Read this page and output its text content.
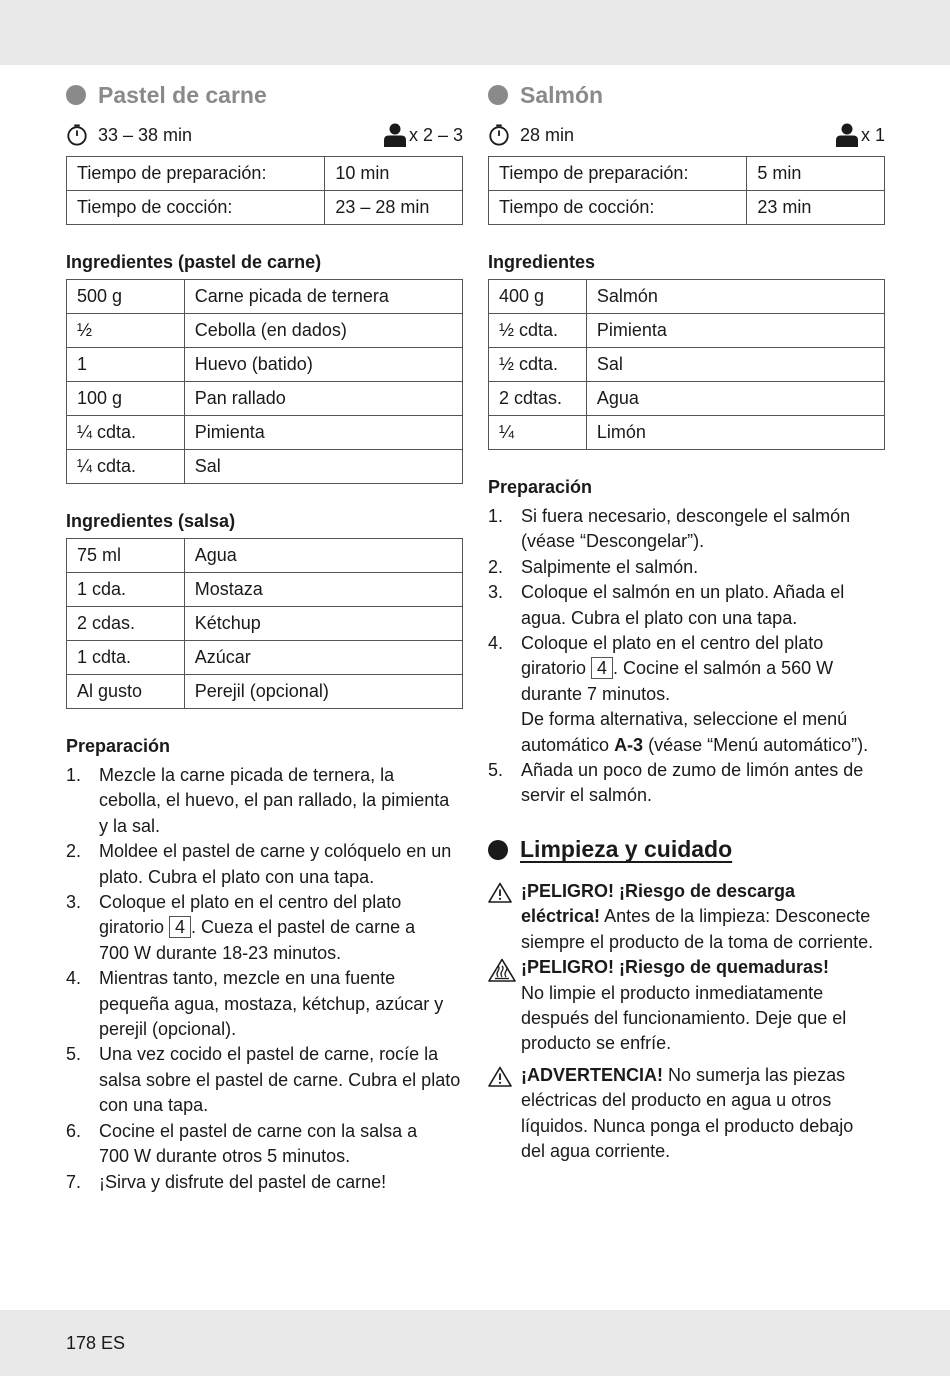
Pastel de carne
33 – 38 min	x 2 – 3
Tiempo de preparación:	10 min
Tiempo de cocción:	23 – 28 min
Ingredientes (pastel de carne)
500 g	Carne picada de ternera
½	Cebolla (en dados)
1	Huevo (batido)
100 g	Pan rallado
¼ cdta.	Pimienta
¼ cdta.	Sal
Ingredientes (salsa)
75 ml	Agua
1 cda.	Mostaza
2 cdas.	Kétchup
1 cdta.	Azúcar
Al gusto	Perejil (opcional)
Preparación
1. Mezcle la carne picada de ternera, la
cebolla, el huevo, el pan rallado, la pimienta
y la sal.
2. Moldee el pastel de carne y colóquelo en un
plato. Cubra el plato con una tapa.
3. Coloque el plato en el centro del plato
giratorio 4 . Cueza el pastel de carne a
700 W durante 18-23 minutos.
4. Mientras tanto, mezcle en una fuente
pequeña agua, mostaza, kétchup, azúcar y
perejil (opcional).
5. Una vez cocido el pastel de carne, rocíe la
salsa sobre el pastel de carne. Cubra el plato
con una tapa.
6. Cocine el pastel de carne con la salsa a
700 W durante otros 5 minutos.
7. ¡Sirva y disfrute del pastel de carne!
Salmón
28 min	x 1
Tiempo de preparación:	5 min
Tiempo de cocción:	23 min
Ingredientes
400 g	Salmón
½ cdta.	Pimienta
½ cdta.	Sal
2 cdtas.	Agua
¼	Limón
Preparación
1. Si fuera necesario, descongele el salmón
(véase “Descongelar”).
2. Salpimente el salmón.
3. Coloque el salmón en un plato. Añada el
agua. Cubra el plato con una tapa.
4. Coloque el plato en el centro del plato
giratorio 4 . Cocine el salmón a 560 W
durante 7 minutos.
De forma alternativa, seleccione el menú
automático A-3 (véase “Menú automático”).
5. Añada un poco de zumo de limón antes de
servir el salmón.
Limpieza y cuidado
¡PELIGRO! ¡Riesgo de descarga
eléctrica! Antes de la limpieza: Desconecte
siempre el producto de la toma de corriente.
¡PELIGRO! ¡Riesgo de quemaduras!
No limpie el producto inmediatamente
después del funcionamiento. Deje que el
producto se enfríe.
¡ADVERTENCIA! No sumerja las piezas
eléctricas del producto en agua u otros
líquidos. Nunca ponga el producto debajo
del agua corriente.
178 ES
